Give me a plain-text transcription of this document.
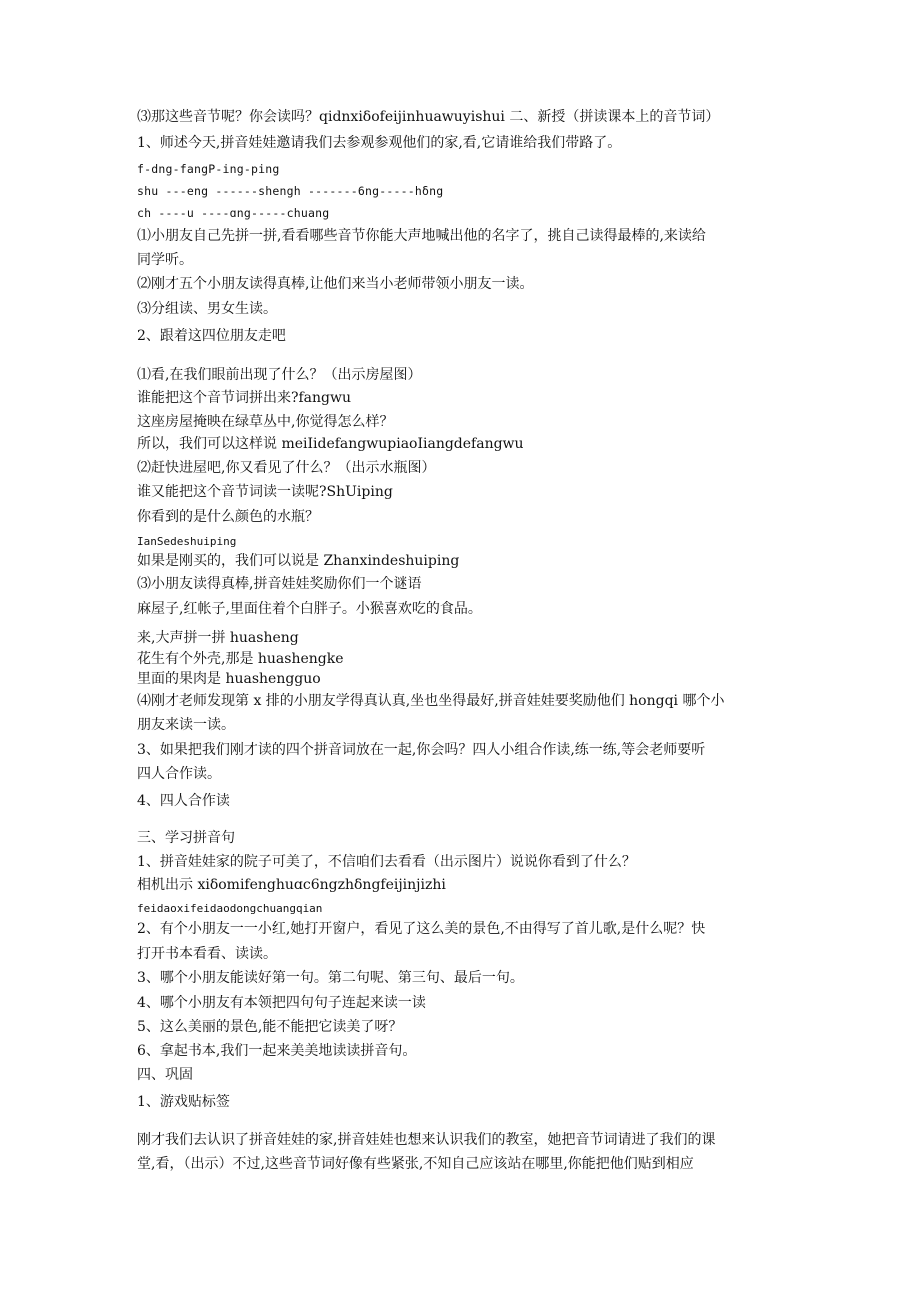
⑶那这些音节呢？你会读吗？qidnxiδofeijinhuawuyishui 二、新授（拼读课本上的音节词）
1、师述今天,拼音娃娃邀请我们去参观参观他们的家,看,它请谁给我们带路了。
f-dng-fangP-ing-ping
shu ---eng ------shengh -------6ng-----hδng
ch ----u ----ɑng-----chuang
⑴小朋友自己先拼一拼,看看哪些音节你能大声地喊出他的名字了，挑自己读得最棒的,来读给
同学听。
⑵刚才五个小朋友读得真棒,让他们来当小老师带领小朋友一读。
⑶分组读、男女生读。
2、跟着这四位朋友走吧
⑴看,在我们眼前出现了什么？（出示房屋图）
谁能把这个音节词拼出来?fangwu
这座房屋掩映在绿草丛中,你觉得怎么样？
所以，我们可以这样说 meiIidefangwupiaoIiangdefangwu
⑵赶快进屋吧,你又看见了什么？（出示水瓶图）
谁又能把这个音节词读一读呢?ShUiping
你看到的是什么颜色的水瓶？
IanSedeshuiping
如果是刚买的，我们可以说是 Zhanxindeshuiping
⑶小朋友读得真棒,拼音娃娃奖励你们一个谜语
麻屋子,红帐子,里面住着个白胖子。小猴喜欢吃的食品。
来,大声拼一拼 huasheng
花生有个外壳,那是 huashengke
里面的果肉是 huashengguo
⑷刚才老师发现第 x 排的小朋友学得真认真,坐也坐得最好,拼音娃娃要奖励他们 hongqi 哪个小
朋友来读一读。
3、如果把我们刚才读的四个拼音词放在一起,你会吗？四人小组合作读,练一练,等会老师要听
四人合作读。
4、四人合作读
三、学习拼音句
1、拼音娃娃家的院子可美了，不信咱们去看看（出示图片）说说你看到了什么？
相机出示 xiδomifenghuɑc6ngzhδngfeijinjizhi
feidaoxifeidaodongchuangqian
2、有个小朋友一一小红,她打开窗户，看见了这么美的景色,不由得写了首儿歌,是什么呢？快
打开书本看看、读读。
3、哪个小朋友能读好第一句。第二句呢、第三句、最后一句。
4、哪个小朋友有本领把四句句子连起来读一读
5、这么美丽的景色,能不能把它读美了呀？
6、拿起书本,我们一起来美美地读读拼音句。
四、巩固
1、游戏贴标签
刚才我们去认识了拼音娃娃的家,拼音娃娃也想来认识我们的教室，她把音节词请进了我们的课
堂,看，（出示）不过,这些音节词好像有些紧张,不知自己应该站在哪里,你能把他们贴到相应
